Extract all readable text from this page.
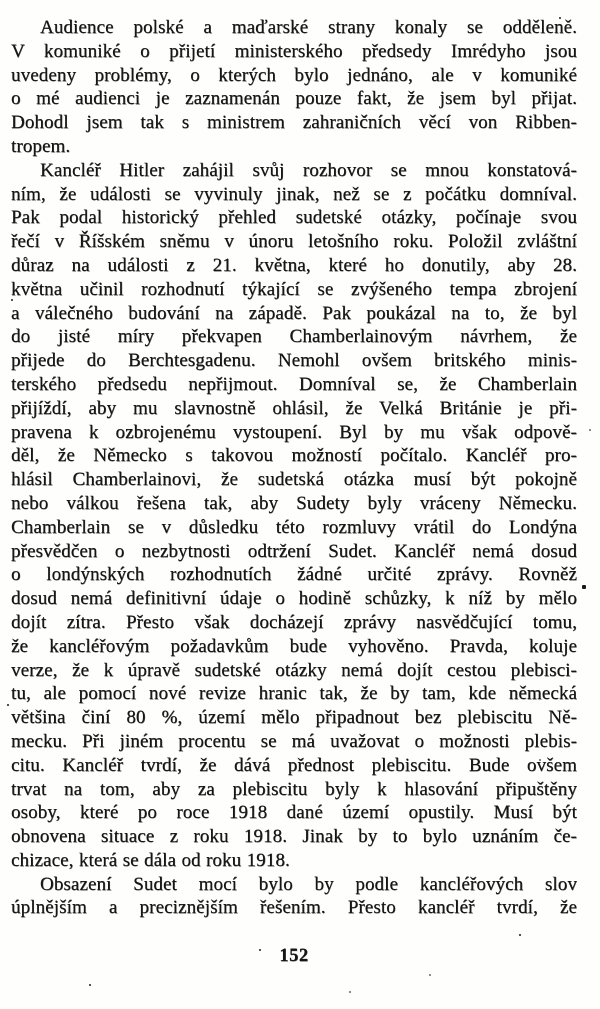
Audience polské a maďarské strany konaly se odděleně.
V komuniké o přijetí ministerského předsedy Imrédyho jsou
uvedeny problémy, o kterých bylo jednáno, ale v komuniké
o mé audienci je zaznamenán pouze fakt, že jsem byl přijat.
Dohodl jsem tak s ministrem zahraničních věcí von Ribben-
tropem.
Kancléř Hitler zahájil svůj rozhovor se mnou konstatová-
ním, že události se vyvinuly jinak, než se z počátku domníval.
Pak podal historický přehled sudetské otázky, počínaje svou
řečí v Říšském sněmu v únoru letošního roku. Položil zvláštní
důraz na události z 21. května, které ho donutily, aby 28.
května učinil rozhodnutí týkající se zvýšeného tempa zbrojení
a válečného budování na západě. Pak poukázal na to, že byl
do jisté míry překvapen Chamberlainovým návrhem, že
přijede do Berchtesgadenu. Nemohl ovšem britského minis-
terského předsedu nepřijmout. Domníval se, že Chamberlain
přijíždí, aby mu slavnostně ohlásil, že Velká Británie je při-
pravena k ozbrojenému vystoupení. Byl by mu však odpově-
děl, že Německo s takovou možností počítalo. Kancléř pro-
hlásil Chamberlainovi, že sudetská otázka musí být pokojně
nebo válkou řešena tak, aby Sudety byly vráceny Německu.
Chamberlain se v důsledku této rozmluvy vrátil do Londýna
přesvědčen o nezbytnosti odtržení Sudet. Kancléř nemá dosud
o londýnských rozhodnutích žádné určité zprávy. Rovněž
dosud nemá definitivní údaje o hodině schůzky, k níž by mělo
dojít zítra. Přesto však docházejí zprávy nasvědčující tomu,
že kancléřovým požadavkům bude vyhověno. Pravda, koluje
verze, že k úpravě sudetské otázky nemá dojít cestou plebisci-
tu, ale pomocí nové revize hranic tak, že by tam, kde německá
většina činí 80 %, území mělo připadnout bez plebiscitu Ně-
mecku. Při jiném procentu se má uvažovat o možnosti plebis-
citu. Kancléř tvrdí, že dává přednost plebiscitu. Bude ovšem
trvat na tom, aby za plebiscitu byly k hlasování připuštěny
osoby, které po roce 1918 dané území opustily. Musí být
obnovena situace z roku 1918. Jinak by to bylo uznáním če-
chizace, která se dála od roku 1918.
Obsazení Sudet mocí bylo by podle kancléřových slov
úplnějším a preciznějším řešením. Přesto kancléř tvrdí, že
152
